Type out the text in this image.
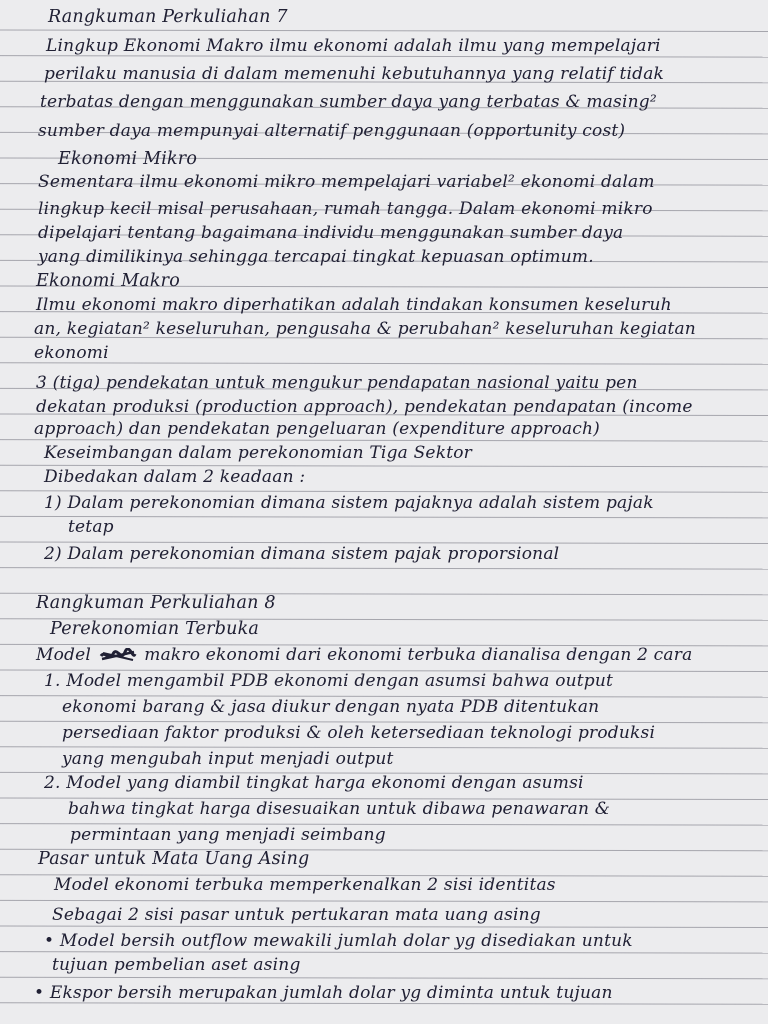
Rangkuman Perkuliahan 7
Lingkup Ekonomi Makro ilmu ekonomi adalah ilmu yang mempelajari
perilaku manusia di dalam memenuhi kebutuhannya yang relatif tidak
terbatas dengan menggunakan sumber daya yang terbatas & masing²
sumber daya mempunyai alternatif penggunaan (opportunity cost)
Ekonomi Mikro
Sementara ilmu ekonomi mikro mempelajari variabel² ekonomi dalam
lingkup kecil misal perusahaan, rumah tangga. Dalam ekonomi mikro
dipelajari tentang bagaimana individu menggunakan sumber daya
yang dimilikinya sehingga tercapai tingkat kepuasan optimum.
Ekonomi Makro
Ilmu ekonomi makro diperhatikan adalah tindakan konsumen keseluruh
an, kegiatan² keseluruhan, pengusaha & perubahan² keseluruhan kegiatan
ekonomi
3 (tiga) pendekatan untuk mengukur pendapatan nasional yaitu pen
dekatan produksi (production approach), pendekatan pendapatan (income
approach) dan pendekatan pengeluaran (expenditure approach)
Keseimbangan dalam perekonomian Tiga Sektor
Dibedakan dalam 2 keadaan :
1) Dalam perekonomian dimana sistem pajaknya adalah sistem pajak
tetap
2) Dalam perekonomian dimana sistem pajak proporsional
Rangkuman Perkuliahan 8
Perekonomian Terbuka
Model	makro ekonomi dari ekonomi terbuka dianalisa dengan 2 cara
1. Model mengambil PDB ekonomi dengan asumsi bahwa output
ekonomi barang & jasa diukur dengan nyata PDB ditentukan
persediaan faktor produksi & oleh ketersediaan teknologi produksi
yang mengubah input menjadi output
2. Model yang diambil tingkat harga ekonomi dengan asumsi
bahwa tingkat harga disesuaikan untuk dibawa penawaran &
permintaan yang menjadi seimbang
Pasar untuk Mata Uang Asing
Model ekonomi terbuka memperkenalkan 2 sisi identitas
Sebagai 2 sisi pasar untuk pertukaran mata uang asing
• Model bersih outflow mewakili jumlah dolar yg disediakan untuk
tujuan pembelian aset asing
• Ekspor bersih merupakan jumlah dolar yg diminta untuk tujuan
